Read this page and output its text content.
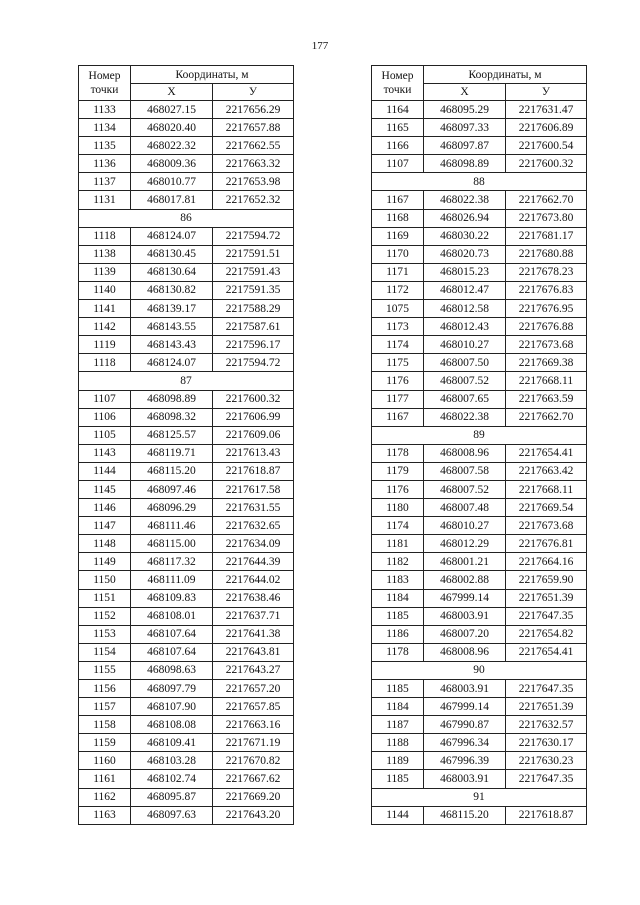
177
Номер
точки	Координаты, м	
	X	У
1133	468027.15	2217656.29
1134	468020.40	2217657.88
1135	468022.32	2217662.55
1136	468009.36	2217663.32
1137	468010.77	2217653.98
1131	468017.81	2217652.32
86		
1118	468124.07	2217594.72
1138	468130.45	2217591.51
1139	468130.64	2217591.43
1140	468130.82	2217591.35
1141	468139.17	2217588.29
1142	468143.55	2217587.61
1119	468143.43	2217596.17
1118	468124.07	2217594.72
87		
1107	468098.89	2217600.32
1106	468098.32	2217606.99
1105	468125.57	2217609.06
1143	468119.71	2217613.43
1144	468115.20	2217618.87
1145	468097.46	2217617.58
1146	468096.29	2217631.55
1147	468111.46	2217632.65
1148	468115.00	2217634.09
1149	468117.32	2217644.39
1150	468111.09	2217644.02
1151	468109.83	2217638.46
1152	468108.01	2217637.71
1153	468107.64	2217641.38
1154	468107.64	2217643.81
1155	468098.63	2217643.27
1156	468097.79	2217657.20
1157	468107.90	2217657.85
1158	468108.08	2217663.16
1159	468109.41	2217671.19
1160	468103.28	2217670.82
1161	468102.74	2217667.62
1162	468095.87	2217669.20
1163	468097.63	2217643.20
Номер
точки	Координаты, м	
	X	У
1164	468095.29	2217631.47
1165	468097.33	2217606.89
1166	468097.87	2217600.54
1107	468098.89	2217600.32
88		
1167	468022.38	2217662.70
1168	468026.94	2217673.80
1169	468030.22	2217681.17
1170	468020.73	2217680.88
1171	468015.23	2217678.23
1172	468012.47	2217676.83
1075	468012.58	2217676.95
1173	468012.43	2217676.88
1174	468010.27	2217673.68
1175	468007.50	2217669.38
1176	468007.52	2217668.11
1177	468007.65	2217663.59
1167	468022.38	2217662.70
89		
1178	468008.96	2217654.41
1179	468007.58	2217663.42
1176	468007.52	2217668.11
1180	468007.48	2217669.54
1174	468010.27	2217673.68
1181	468012.29	2217676.81
1182	468001.21	2217664.16
1183	468002.88	2217659.90
1184	467999.14	2217651.39
1185	468003.91	2217647.35
1186	468007.20	2217654.82
1178	468008.96	2217654.41
90		
1185	468003.91	2217647.35
1184	467999.14	2217651.39
1187	467990.87	2217632.57
1188	467996.34	2217630.17
1189	467996.39	2217630.23
1185	468003.91	2217647.35
91		
1144	468115.20	2217618.87
